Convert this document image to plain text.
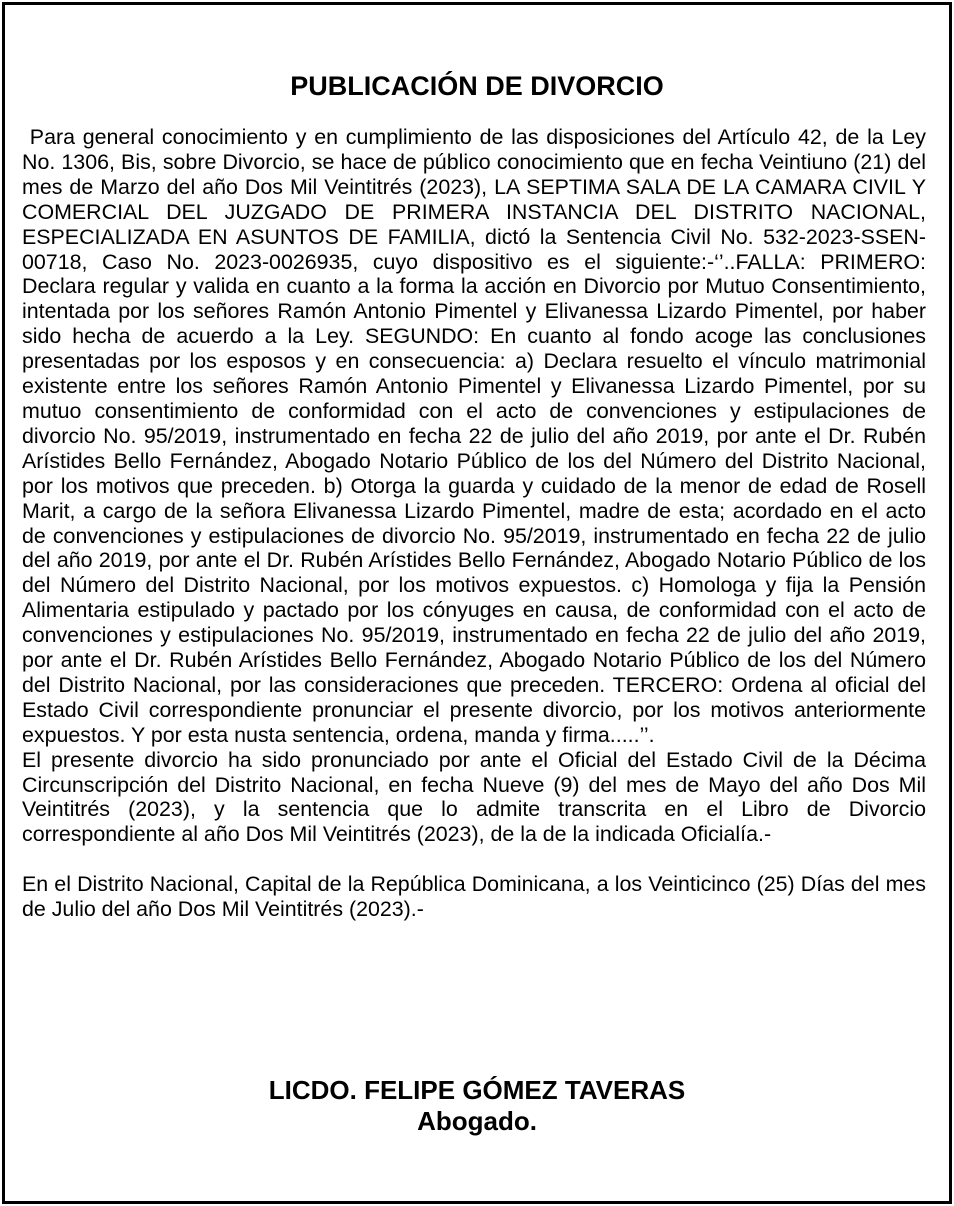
PUBLICACIÓN DE DIVORCIO

Para general conocimiento y en cumplimiento de las disposiciones del Artículo 42, de la Ley No. 1306, Bis, sobre Divorcio, se hace de público conocimiento que en fecha Veintiuno (21) del mes de Marzo del año Dos Mil Veintitrés (2023), LA SEPTIMA SALA DE LA CAMARA CIVIL Y COMERCIAL DEL JUZGADO DE PRIMERA INSTANCIA DEL DISTRITO NACIONAL, ESPECIALIZADA EN ASUNTOS DE FAMILIA, dictó la Sentencia Civil No. 532-2023-SSEN-00718, Caso No. 2023-0026935, cuyo dispositivo es el siguiente:-‘’..FALLA: PRIMERO: Declara regular y valida en cuanto a la forma la acción en Divorcio por Mutuo Consentimiento, intentada por los señores Ramón Antonio Pimentel y Elivanessa Lizardo Pimentel, por haber sido hecha de acuerdo a la Ley. SEGUNDO: En cuanto al fondo acoge las conclusiones presentadas por los esposos y en consecuencia: a) Declara resuelto el vínculo matrimonial existente entre los señores Ramón Antonio Pimentel y Elivanessa Lizardo Pimentel, por su mutuo consentimiento de conformidad con el acto de convenciones y estipulaciones de divorcio No. 95/2019, instrumentado en fecha 22 de julio del año 2019, por ante el Dr. Rubén Arístides Bello Fernández, Abogado Notario Público de los del Número del Distrito Nacional, por los motivos que preceden. b) Otorga la guarda y cuidado de la menor de edad de Rosell Marit, a cargo de la señora Elivanessa Lizardo Pimentel, madre de esta; acordado en el acto de convenciones y estipulaciones de divorcio No. 95/2019, instrumentado en fecha 22 de julio del año 2019, por ante el Dr. Rubén Arístides Bello Fernández, Abogado Notario Público de los del Número del Distrito Nacional, por los motivos expuestos. c) Homologa y fija la Pensión Alimentaria estipulado y pactado por los cónyuges en causa, de conformidad con el acto de convenciones y estipulaciones No. 95/2019, instrumentado en fecha 22 de julio del año 2019, por ante el Dr. Rubén Arístides Bello Fernández, Abogado Notario Público de los del Número del Distrito Nacional, por las consideraciones que preceden. TERCERO: Ordena al oficial del Estado Civil correspondiente pronunciar el presente divorcio, por los motivos anteriormente expuestos. Y por esta nusta sentencia, ordena, manda y firma.....’’.

El presente divorcio ha sido pronunciado por ante el Oficial del Estado Civil de la Décima Circunscripción del Distrito Nacional, en fecha Nueve (9) del mes de Mayo del año Dos Mil Veintitrés (2023), y la sentencia que lo admite transcrita en el Libro de Divorcio correspondiente al año Dos Mil Veintitrés (2023), de la de la indicada Oficialía.-

En el Distrito Nacional, Capital de la República Dominicana, a los Veinticinco (25) Días del mes de Julio del año Dos Mil Veintitrés (2023).-

LICDO. FELIPE GÓMEZ TAVERAS
Abogado.
